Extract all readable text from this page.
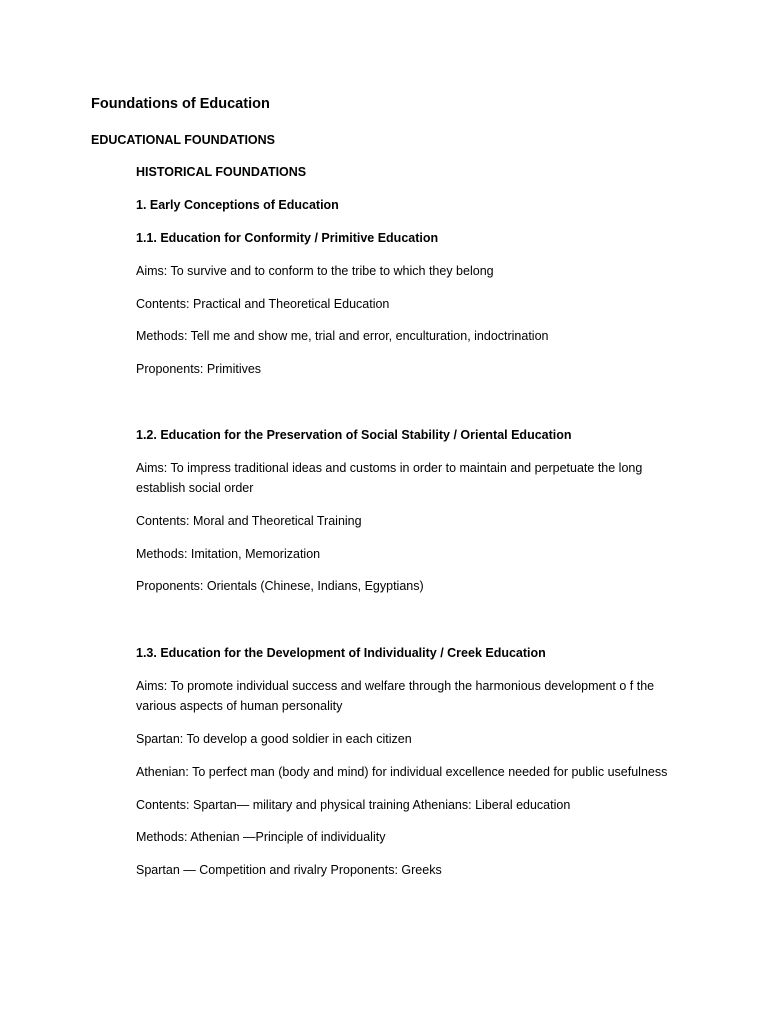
Foundations of Education
EDUCATIONAL FOUNDATIONS
HISTORICAL FOUNDATIONS
1. Early Conceptions of Education
1.1. Education for Conformity / Primitive Education
Aims: To survive and to conform to the tribe to which they belong
Contents: Practical and Theoretical Education
Methods: Tell me and show me, trial and error, enculturation, indoctrination
Proponents: Primitives
1.2. Education for the Preservation of Social Stability / Oriental Education
Aims: To impress traditional ideas and customs in order to maintain and perpetuate the long
establish social order
Contents: Moral and Theoretical Training
Methods: Imitation, Memorization
Proponents: Orientals (Chinese, Indians, Egyptians)
1.3. Education for the Development of Individuality / Creek Education
Aims: To promote individual success and welfare through the harmonious development o f the
various aspects of human personality
Spartan: To develop a good soldier in each citizen
Athenian: To perfect man (body and mind) for individual excellence needed for public usefulness
Contents: Spartan— military and physical training Athenians: Liberal education
Methods: Athenian —Principle of individuality
Spartan — Competition and rivalry Proponents: Greeks
